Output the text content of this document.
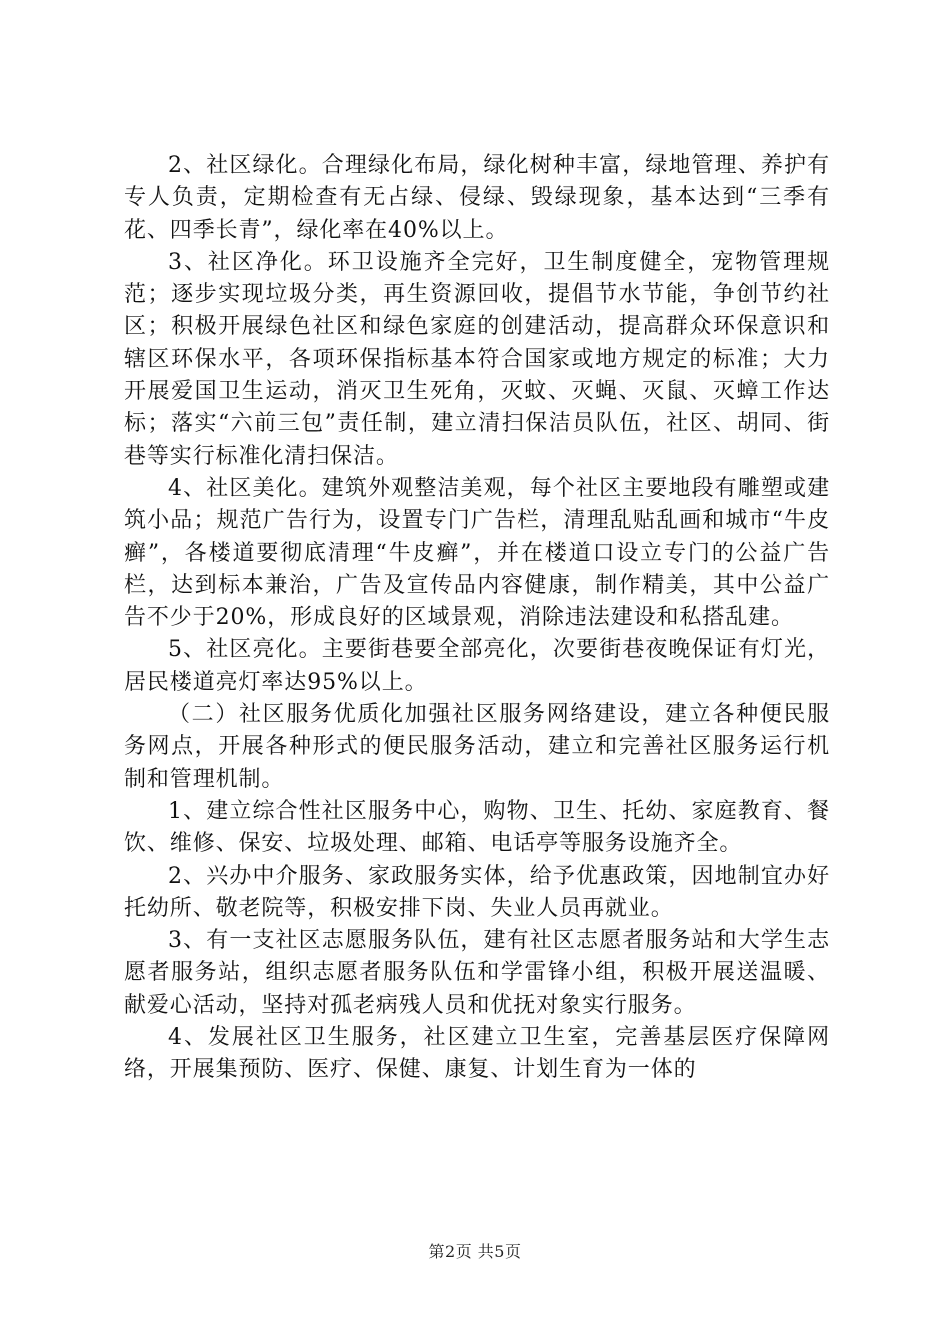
2、社区绿化。合理绿化布局，绿化树种丰富，绿地管理、养护有专人负责，定期检查有无占绿、侵绿、毁绿现象，基本达到“三季有花、四季长青”，绿化率在40%以上。

3、社区净化。环卫设施齐全完好，卫生制度健全，宠物管理规范；逐步实现垃圾分类，再生资源回收，提倡节水节能，争创节约社区；积极开展绿色社区和绿色家庭的创建活动，提高群众环保意识和辖区环保水平，各项环保指标基本符合国家或地方规定的标准；大力开展爱国卫生运动，消灭卫生死角，灭蚊、灭蝇、灭鼠、灭蟑工作达标；落实“六前三包”责任制，建立清扫保洁员队伍，社区、胡同、街巷等实行标准化清扫保洁。

4、社区美化。建筑外观整洁美观，每个社区主要地段有雕塑或建筑小品；规范广告行为，设置专门广告栏，清理乱贴乱画和城市“牛皮癣”，各楼道要彻底清理“牛皮癣”，并在楼道口设立专门的公益广告栏，达到标本兼治，广告及宣传品内容健康，制作精美，其中公益广告不少于20%，形成良好的区域景观，消除违法建设和私搭乱建。

5、社区亮化。主要街巷要全部亮化，次要街巷夜晚保证有灯光，居民楼道亮灯率达95%以上。

（二）社区服务优质化加强社区服务网络建设，建立各种便民服务网点，开展各种形式的便民服务活动，建立和完善社区服务运行机制和管理机制。

1、建立综合性社区服务中心，购物、卫生、托幼、家庭教育、餐饮、维修、保安、垃圾处理、邮箱、电话亭等服务设施齐全。

2、兴办中介服务、家政服务实体，给予优惠政策，因地制宜办好托幼所、敬老院等，积极安排下岗、失业人员再就业。

3、有一支社区志愿服务队伍，建有社区志愿者服务站和大学生志愿者服务站，组织志愿者服务队伍和学雷锋小组，积极开展送温暖、献爱心活动，坚持对孤老病残人员和优抚对象实行服务。

4、发展社区卫生服务，社区建立卫生室，完善基层医疗保障网络，开展集预防、医疗、保健、康复、计划生育为一体的

第2页 共5页
